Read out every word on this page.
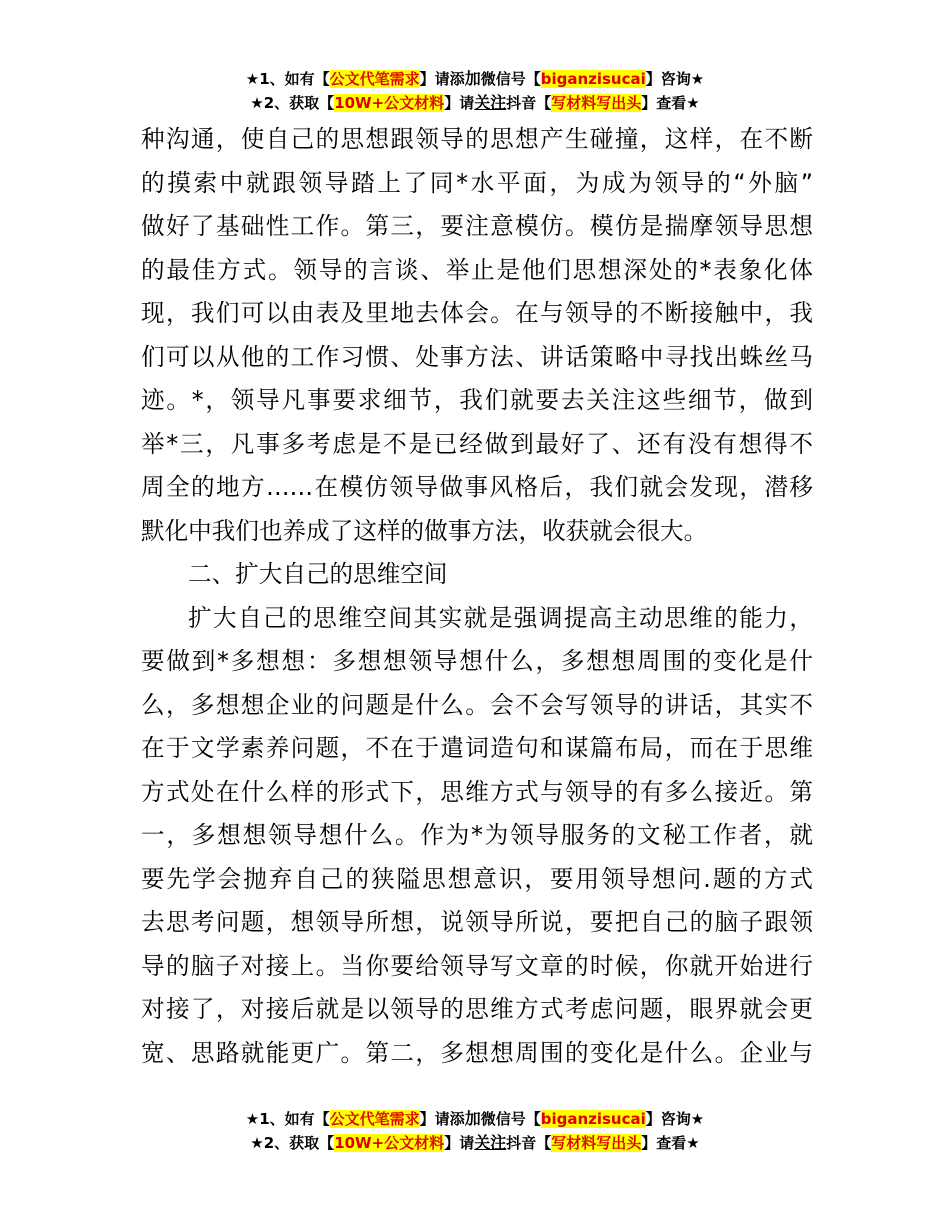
★1、如有【公文代笔需求】请添加微信号【biganzisucai】咨询★
★2、获取【10W+公文材料】请关注抖音【写材料写出头】查看★
种沟通，使自己的思想跟领导的思想产生碰撞，这样，在不断
的摸索中就跟领导踏上了同*水平面，为成为领导的“外脑”
做好了基础性工作。第三，要注意模仿。模仿是揣摩领导思想
的最佳方式。领导的言谈、举止是他们思想深处的*表象化体
现，我们可以由表及里地去体会。在与领导的不断接触中，我
们可以从他的工作习惯、处事方法、讲话策略中寻找出蛛丝马
迹。*，领导凡事要求细节，我们就要去关注这些细节，做到
举*三，凡事多考虑是不是已经做到最好了、还有没有想得不
周全的地方……在模仿领导做事风格后，我们就会发现，潜移
默化中我们也养成了这样的做事方法，收获就会很大。
二、扩大自己的思维空间
扩大自己的思维空间其实就是强调提高主动思维的能力，
要做到*多想想：多想想领导想什么，多想想周围的变化是什
么，多想想企业的问题是什么。会不会写领导的讲话，其实不
在于文学素养问题，不在于遣词造句和谋篇布局，而在于思维
方式处在什么样的形式下，思维方式与领导的有多么接近。第
一，多想想领导想什么。作为*为领导服务的文秘工作者，就
要先学会抛弃自己的狭隘思想意识，要用领导想问.题的方式
去思考问题，想领导所想，说领导所说，要把自己的脑子跟领
导的脑子对接上。当你要给领导写文章的时候，你就开始进行
对接了，对接后就是以领导的思维方式考虑问题，眼界就会更
宽、思路就能更广。第二，多想想周围的变化是什么。企业与
★1、如有【公文代笔需求】请添加微信号【biganzisucai】咨询★
★2、获取【10W+公文材料】请关注抖音【写材料写出头】查看★
